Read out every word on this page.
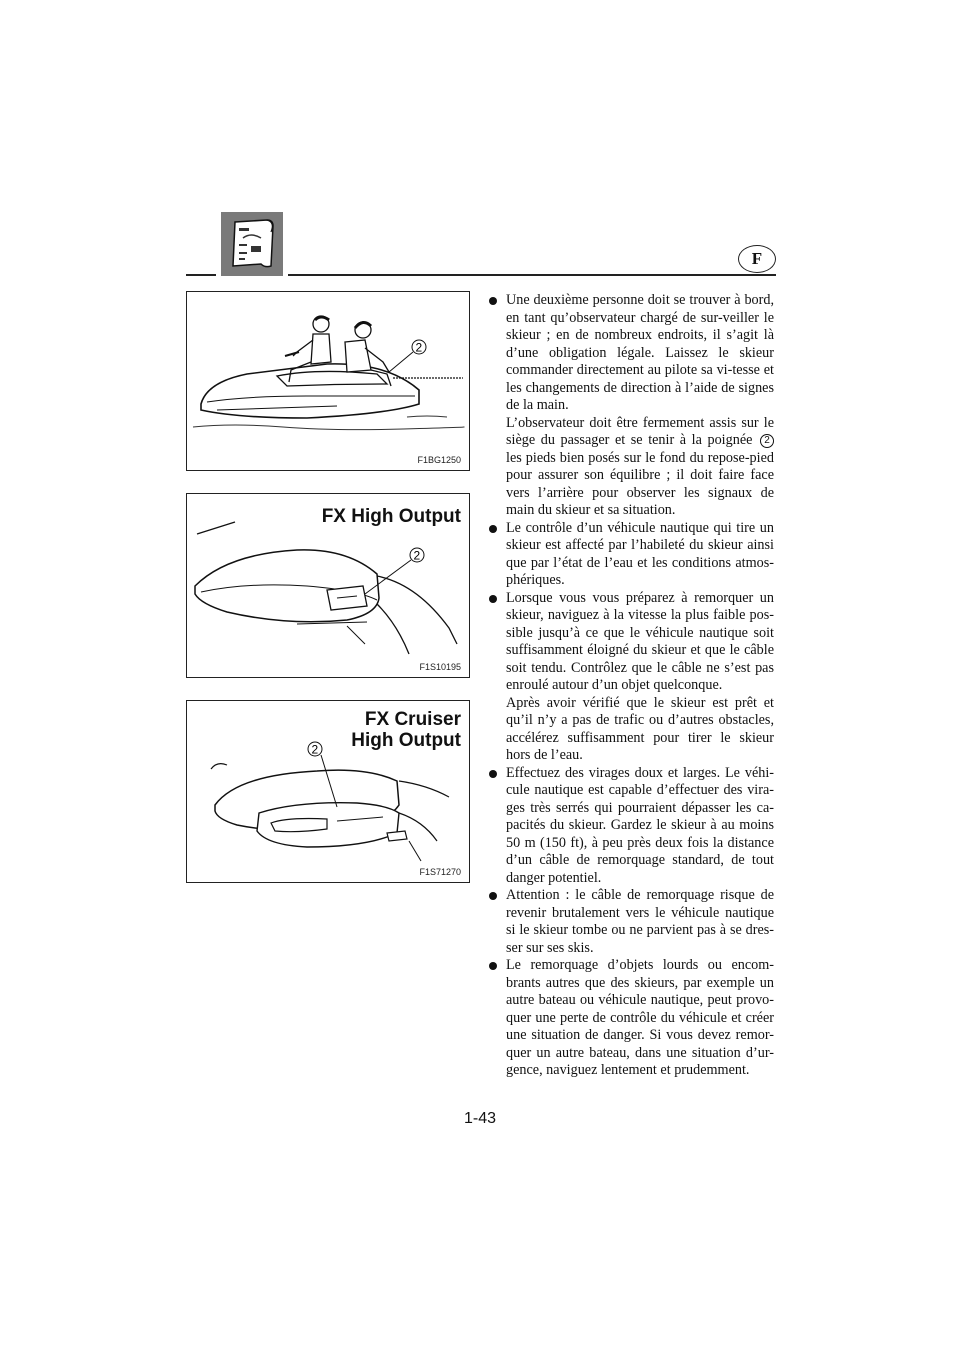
F
2
F1BG1250
FX High Output
2
F1S10195
FX Cruiser
High Output
2
F1S71270

Une deuxième personne doit se trouver à bord, en tant qu’observateur chargé de sur-veiller le skieur ; en de nombreux endroits, il s’agit là d’une obligation légale. Laissez le skieur commander directement au pilote sa vi-tesse et les changements de direction à l’aide de signes de la main.

L’observateur doit être fermement assis sur le siège du passager et se tenir à la poignée 2 les pieds bien posés sur le fond du repose-pied pour assurer son équilibre ; il doit faire face vers l’arrière pour observer les signaux de main du skieur et sa situation.

Le contrôle d’un véhicule nautique qui tire un skieur est affecté par l’habileté du skieur ainsi que par l’état de l’eau et les conditions atmos-phériques.

Lorsque vous vous préparez à remorquer un skieur, naviguez à la vitesse la plus faible pos-sible jusqu’à ce que le véhicule nautique soit suffisamment éloigné du skieur et que le câble soit tendu. Contrôlez que le câble ne s’est pas enroulé autour d’un objet quelconque.

Après avoir vérifié que le skieur est prêt et qu’il n’y a pas de trafic ou d’autres obstacles, accélérez suffisamment pour tirer le skieur hors de l’eau.

Effectuez des virages doux et larges. Le véhi-cule nautique est capable d’effectuer des vira-ges très serrés qui pourraient dépasser les ca-pacités du skieur. Gardez le skieur à au moins 50 m (150 ft), à peu près deux fois la distance d’un câble de remorquage standard, de tout danger potentiel.

Attention : le câble de remorquage risque de revenir brutalement vers le véhicule nautique si le skieur tombe ou ne parvient pas à se dres-ser sur ses skis.

Le remorquage d’objets lourds ou encom-brants autres que des skieurs, par exemple un autre bateau ou véhicule nautique, peut provo-quer une perte de contrôle du véhicule et créer une situation de danger. Si vous devez remor-quer un autre bateau, dans une situation d’ur-gence, naviguez lentement et prudemment.

1-43
